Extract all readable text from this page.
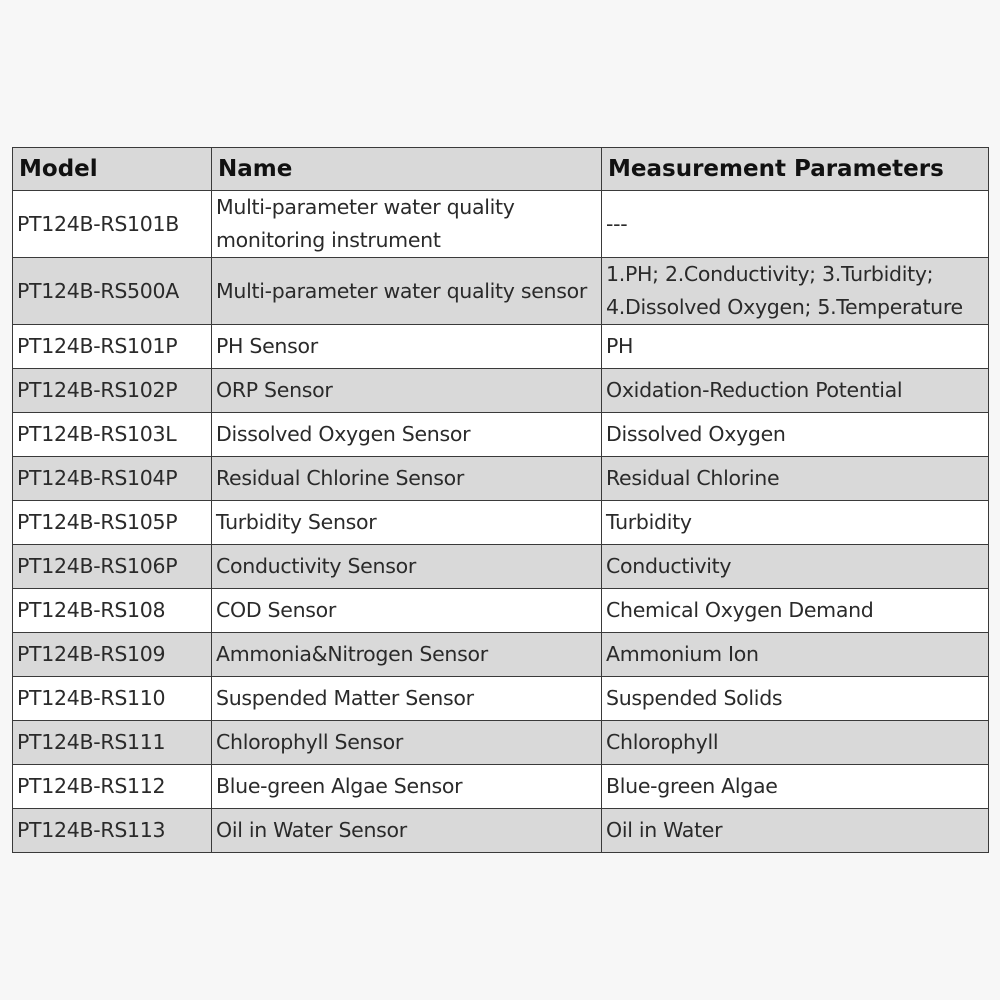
Model	Name	Measurement Parameters
PT124B-RS101B	Multi-parameter water quality monitoring instrument	---
PT124B-RS500A	Multi-parameter water quality sensor	1.PH; 2.Conductivity; 3.Turbidity; 4.Dissolved Oxygen; 5.Temperature
PT124B-RS101P	PH Sensor	PH
PT124B-RS102P	ORP Sensor	Oxidation-Reduction Potential
PT124B-RS103L	Dissolved Oxygen Sensor	Dissolved Oxygen
PT124B-RS104P	Residual Chlorine Sensor	Residual Chlorine
PT124B-RS105P	Turbidity Sensor	Turbidity
PT124B-RS106P	Conductivity Sensor	Conductivity
PT124B-RS108	COD Sensor	Chemical Oxygen Demand
PT124B-RS109	Ammonia&Nitrogen Sensor	Ammonium Ion
PT124B-RS110	Suspended Matter Sensor	Suspended Solids
PT124B-RS111	Chlorophyll Sensor	Chlorophyll
PT124B-RS112	Blue-green Algae Sensor	Blue-green Algae
PT124B-RS113	Oil in Water Sensor	Oil in Water
